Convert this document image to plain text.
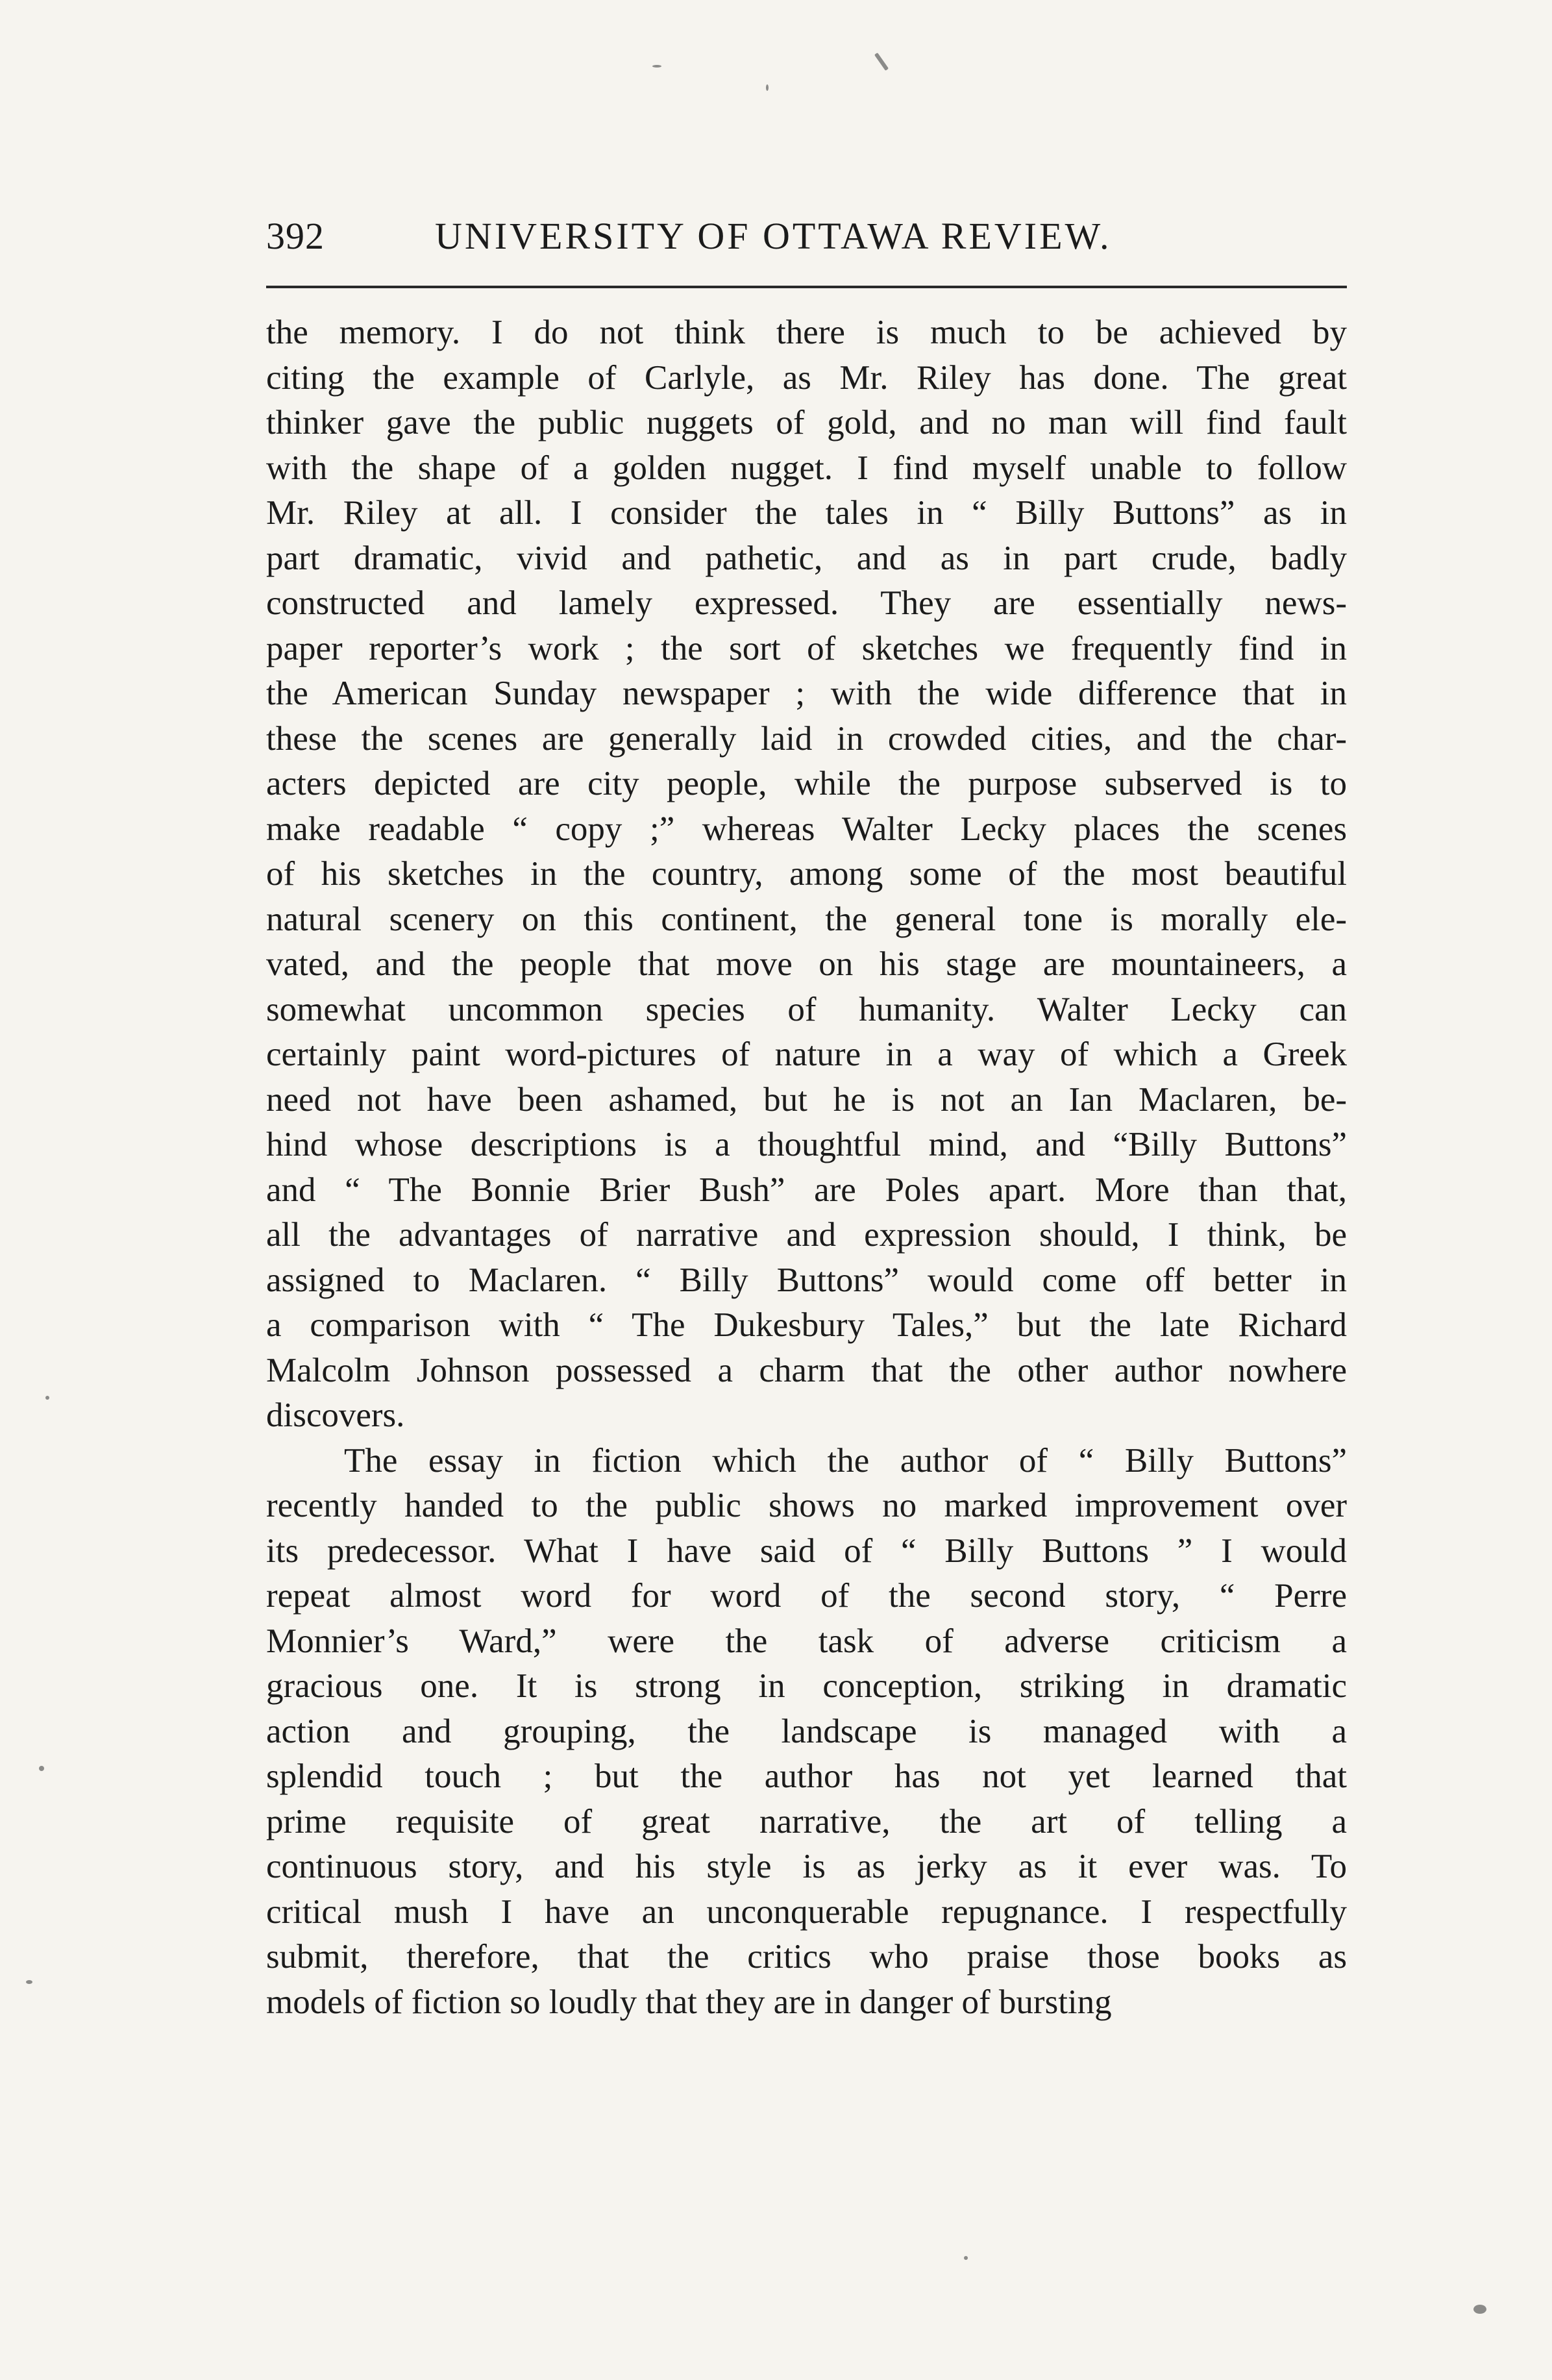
392	UNIVERSITY OF OTTAWA REVIEW.
the memory. I do not think there is much to be achieved by
citing the example of Carlyle, as Mr. Riley has done. The great
thinker gave the public nuggets of gold, and no man will find fault
with the shape of a golden nugget. I find myself unable to follow
Mr. Riley at all. I consider the tales in “ Billy Buttons” as in
part dramatic, vivid and pathetic, and as in part crude, badly
constructed and lamely expressed. They are essentially news-
paper reporter’s work ; the sort of sketches we frequently find in
the American Sunday newspaper ; with the wide difference that in
these the scenes are generally laid in crowded cities, and the char-
acters depicted are city people, while the purpose subserved is to
make readable “ copy ;” whereas Walter Lecky places the scenes
of his sketches in the country, among some of the most beautiful
natural scenery on this continent, the general tone is morally ele-
vated, and the people that move on his stage are mountaineers, a
somewhat uncommon species of humanity. Walter Lecky can
certainly paint word-pictures of nature in a way of which a Greek
need not have been ashamed, but he is not an Ian Maclaren, be-
hind whose descriptions is a thoughtful mind, and “Billy Buttons”
and “ The Bonnie Brier Bush” are Poles apart. More than that,
all the advantages of narrative and expression should, I think, be
assigned to Maclaren. “ Billy Buttons” would come off better in
a comparison with “ The Dukesbury Tales,” but the late Richard
Malcolm Johnson possessed a charm that the other author nowhere
discovers.
The essay in fiction which the author of “ Billy Buttons”
recently handed to the public shows no marked improvement over
its predecessor. What I have said of “ Billy Buttons ” I would
repeat almost word for word of the second story, “ Perre
Monnier’s Ward,” were the task of adverse criticism a
gracious one. It is strong in conception, striking in dramatic
action and grouping, the landscape is managed with a
splendid touch ; but the author has not yet learned that
prime requisite of great narrative, the art of telling a
continuous story, and his style is as jerky as it ever was. To
critical mush I have an unconquerable repugnance. I respectfully
submit, therefore, that the critics who praise those books as
models of fiction so loudly that they are in danger of bursting
